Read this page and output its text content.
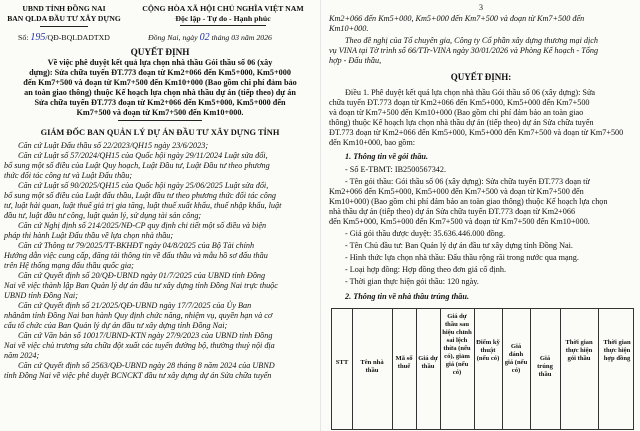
UBND TỈNH ĐỒNG NAI
BAN QLDA ĐẦU TƯ XÂY DỰNG
CỘNG HÒA XÃ HỘI CHỦ NGHĨA VIỆT NAM
Độc lập - Tự do - Hạnh phúc
Số: 195/QĐ-BQLDADTXD	Đồng Nai, ngày 02 tháng 03 năm 2026
QUYẾT ĐỊNH
Về việc phê duyệt kết quả lựa chọn nhà thầu Gói thầu số 06 (xây
dựng): Sửa chữa tuyến ĐT.773 đoạn từ Km2+066 đến Km5+000, Km5+000
đến Km7+500 và đoạn từ Km7+500 đến Km10+000 (Bao gồm chi phí đảm bảo
an toàn giao thông) thuộc Kế hoạch lựa chọn nhà thầu dự án (tiếp theo) dự án
Sửa chữa tuyến ĐT.773 đoạn từ Km2+066 đến Km5+000, Km5+000 đến
Km7+500 và đoạn từ Km7+500 đến Km10+000.
GIÁM ĐỐC BAN QUẢN LÝ DỰ ÁN ĐẦU TƯ XÂY DỰNG TỈNH
Căn cứ Luật Đấu thầu số 22/2023/QH15 ngày 23/6/2023;
Căn cứ Luật số 57/2024/QH15 của Quốc hội ngày 29/11/2024 Luật sửa đổi,
bổ sung một số điều của Luật Quy hoạch, Luật Đầu tư, Luật Đầu tư theo phương
thức đối tác công tư và Luật Đấu thầu;
Căn cứ Luật số 90/2025/QH15 của Quốc hội ngày 25/06/2025 Luật sửa đổi,
bổ sung một số điều của Luật đấu thầu, Luật đầu tư theo phương thức đối tác công
tư, luật hải quan, luật thuế giá trị gia tăng, luật thuế xuất khẩu, thuế nhập khẩu, luật
đầu tư, luật đầu tư công, luật quản lý, sử dụng tài sản công;
Căn cứ Nghị định số 214/2025/NĐ-CP quy định chi tiết một số điều và biện
pháp thi hành Luật Đấu thầu về lựa chọn nhà thầu;
Căn cứ Thông tư 79/2025/TT-BKHĐT ngày 04/8/2025 của Bộ Tài chính
Hướng dẫn việc cung cấp, đăng tải thông tin về đấu thầu và mẫu hồ sơ đấu thầu
trên Hệ thống mạng đấu thầu quốc gia;
Căn cứ Quyết định số 20/QĐ-UBND ngày 01/7/2025 của UBND tỉnh Đồng
Nai về việc thành lập Ban Quản lý dự án đầu tư xây dựng tỉnh Đồng Nai trực thuộc
UBND tỉnh Đồng Nai;
Căn cứ Quyết định số 21/2025/QĐ-UBND ngày 17/7/2025 của Ủy Ban
nhânâm tỉnh Đồng Nai ban hành Quy định chức năng, nhiệm vụ, quyền hạn và cơ
cấu tổ chức của Ban Quản lý dự án đầu tư xây dựng tỉnh Đồng Nai;
Căn cứ Văn bản số 10017/UBND-KTN ngày 27/9/2023 của UBND tỉnh Đồng
Nai về việc chủ trương sửa chữa đột xuất các tuyến đường bộ, thường thuỷ nội địa
năm 2024;
Căn cứ Quyết định số 2563/QĐ-UBND ngày 28 tháng 8 năm 2024 của UBND
tỉnh Đồng Nai về việc phê duyệt BCNCKT đầu tư xây dựng dự án Sửa chữa tuyến
3
Km2+066 đến Km5+000, Km5+000 đến Km7+500 và đoạn từ Km7+500 đến
Km10+000.
Theo đề nghị của Tổ chuyên gia, Công ty Cổ phần xây dựng thương mại dịch
vụ VINA tại Tờ trình số 66/TTr-VINA ngày 30/01/2026 và Phòng Kế hoạch - Tổng
hợp - Đấu thầu,
QUYẾT ĐỊNH:
Điều 1. Phê duyệt kết quả lựa chọn nhà thầu Gói thầu số 06 (xây dựng): Sửa
chữa tuyến ĐT.773 đoạn từ Km2+066 đến Km5+000, Km5+000 đến Km7+500
và đoạn từ Km7+500 đến Km10+000 (Bao gồm chi phí đảm bảo an toàn giao
thông) thuộc Kế hoạch lựa chọn nhà thầu dự án (tiếp theo) dự án Sửa chữa tuyến
ĐT.773 đoạn từ Km2+066 đến Km5+000, Km5+000 đến Km7+500 và đoạn từ Km7+500
đến Km10+000, bao gồm:
1. Thông tin về gói thầu.
- Số E-TBMT: IB2500567342.
- Tên gói thầu: Gói thầu số 06 (xây dựng): Sửa chữa tuyến ĐT.773 đoạn từ
Km2+066 đến Km5+000, Km5+000 đến Km7+500 và đoạn từ Km7+500 đến
Km10+000) (Bao gồm chi phí đảm bảo an toàn giao thông) thuộc Kế hoạch lựa chọn
nhà thầu dự án (tiếp theo) dự án Sửa chữa tuyến ĐT.773 đoạn từ Km2+066
đến Km5+000, Km5+000 đến Km7+500 và đoạn từ Km7+500 đến Km10+000.
- Giá gói thầu được duyệt: 35.636.446.000 đồng.
- Tên Chủ đầu tư: Ban Quản lý dự án đầu tư xây dựng tỉnh Đồng Nai.
- Hình thức lựa chọn nhà thầu: Đấu thầu rộng rãi trong nước qua mạng.
- Loại hợp đồng: Hợp đồng theo đơn giá cố định.
- Thời gian thực hiện gói thầu: 120 ngày.
2. Thông tin về nhà thầu trúng thầu.
STT	Tên nhà thầu
Mã số thuế
Giá dự thầu
Giá dự thầu sau hiệu chỉnh sai lệch thừa (nếu có), giảm giá (nếu có)
Điểm kỹ thuật (nếu có)
Giá đánh giá (nếu có)
Giá trúng thầu
Thời gian thực hiện gói thầu
Thời gian thực hiện hợp đồng
